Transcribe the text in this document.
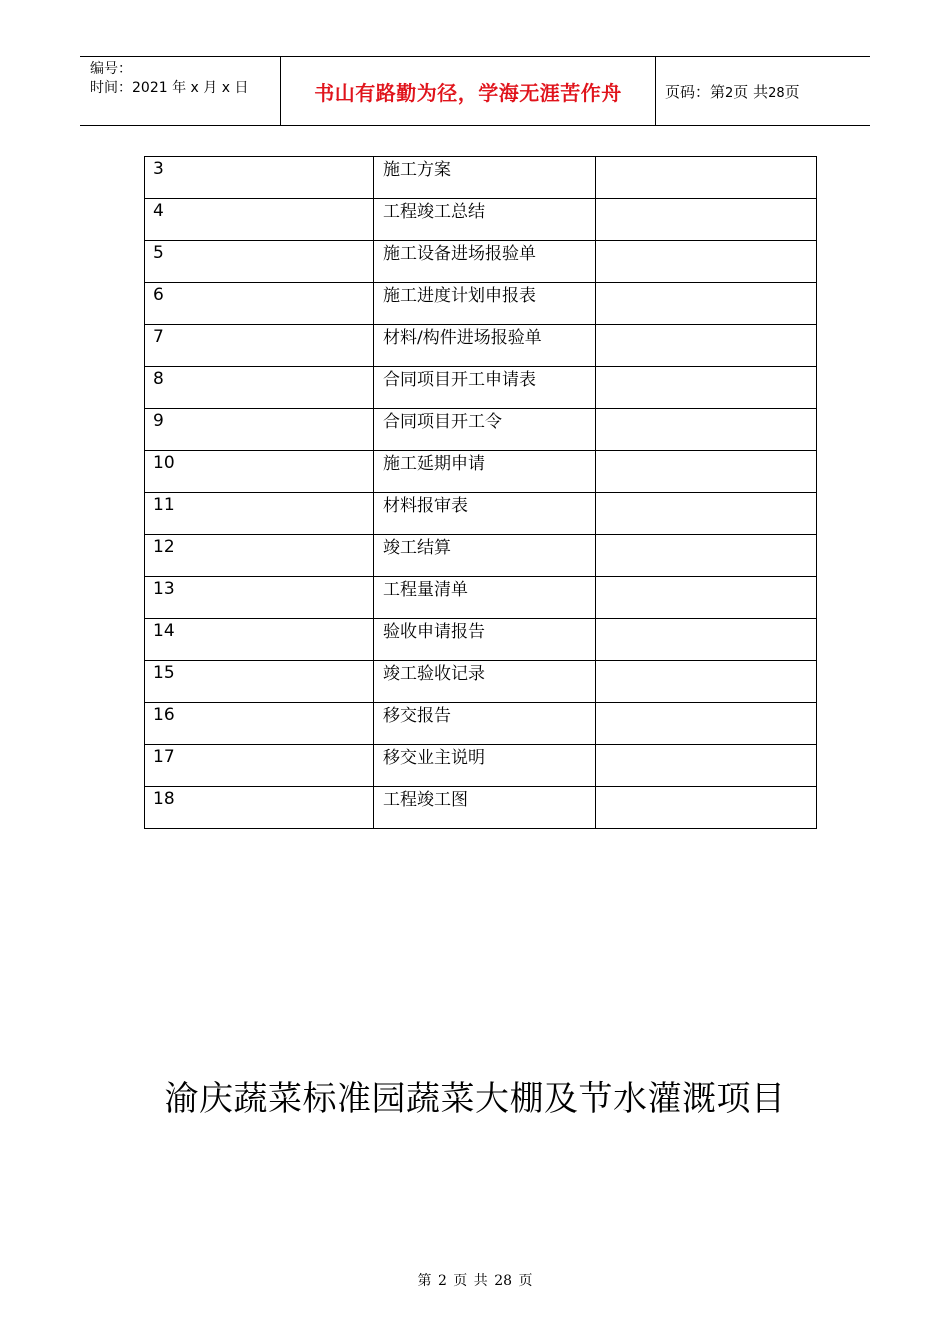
编号：
时间：2021 年 x 月 x 日	书山有路勤为径，学海无涯苦作舟	页码：第2页 共28页
3	施工方案	
4	工程竣工总结	
5	施工设备进场报验单	
6	施工进度计划申报表	
7	材料/构件进场报验单	
8	合同项目开工申请表	
9	合同项目开工令	
10	施工延期申请	
11	材料报审表	
12	竣工结算	
13	工程量清单	
14	验收申请报告	
15	竣工验收记录	
16	移交报告	
17	移交业主说明	
18	工程竣工图	
渝庆蔬菜标准园蔬菜大棚及节水灌溉项目
第 2 页 共 28 页
